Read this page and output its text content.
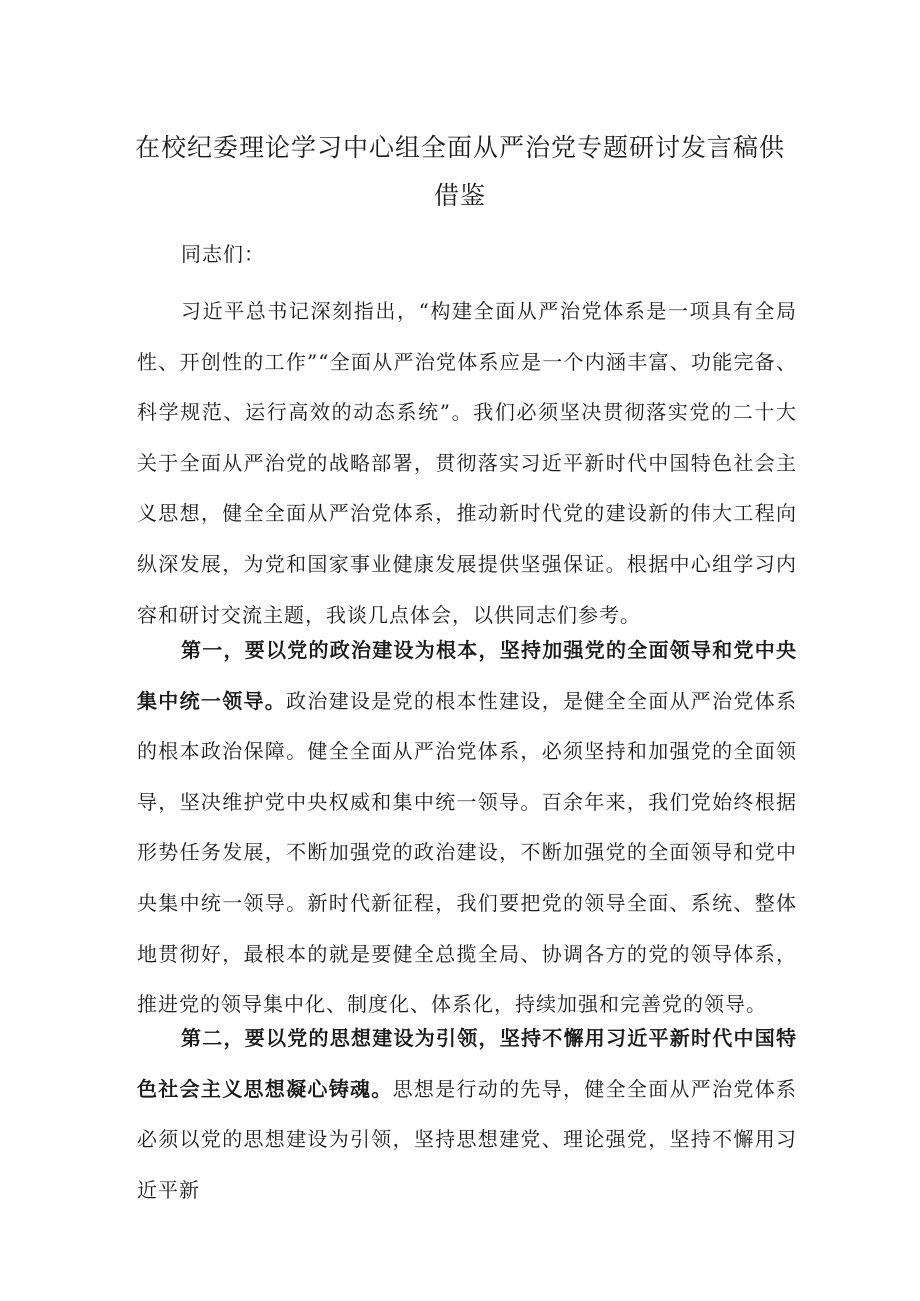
在校纪委理论学习中心组全面从严治党专题研讨发言稿供
借鉴
同志们：

习近平总书记深刻指出，“构建全面从严治党体系是一项具有全局性、开创性的工作”“全面从严治党体系应是一个内涵丰富、功能完备、科学规范、运行高效的动态系统”。我们必须坚决贯彻落实党的二十大关于全面从严治党的战略部署，贯彻落实习近平新时代中国特色社会主义思想，健全全面从严治党体系，推动新时代党的建设新的伟大工程向纵深发展，为党和国家事业健康发展提供坚强保证。根据中心组学习内容和研讨交流主题，我谈几点体会，以供同志们参考。

第一，要以党的政治建设为根本，坚持加强党的全面领导和党中央集中统一领导。政治建设是党的根本性建设，是健全全面从严治党体系的根本政治保障。健全全面从严治党体系，必须坚持和加强党的全面领导，坚决维护党中央权威和集中统一领导。百余年来，我们党始终根据形势任务发展，不断加强党的政治建设，不断加强党的全面领导和党中央集中统一领导。新时代新征程，我们要把党的领导全面、系统、整体地贯彻好，最根本的就是要健全总揽全局、协调各方的党的领导体系，推进党的领导集中化、制度化、体系化，持续加强和完善党的领导。

第二，要以党的思想建设为引领，坚持不懈用习近平新时代中国特色社会主义思想凝心铸魂。思想是行动的先导，健全全面从严治党体系必须以党的思想建设为引领，坚持思想建党、理论强党，坚持不懈用习近平新
